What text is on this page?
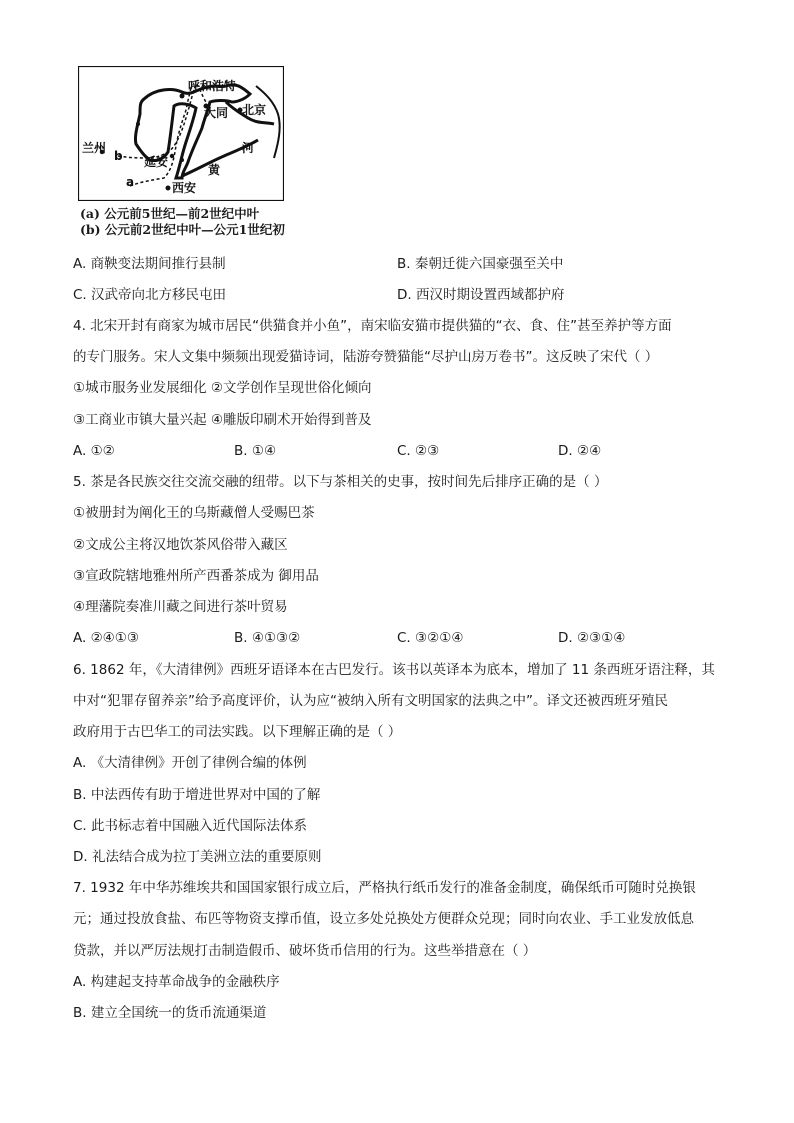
呼和浩特
大同 北京
兰州
b 延安
a	西安
黄
河
(a) 公元前5世纪—前2世纪中叶
(b) 公元前2世纪中叶—公元1世纪初
A. 商鞅变法期间推行县制	B. 秦朝迁徙六国豪强至关中
C. 汉武帝向北方移民屯田	D. 西汉时期设置西域都护府
4. 北宋开封有商家为城市居民“供猫食并小鱼”，南宋临安猫市提供猫的“衣、食、住”甚至养护等方面
的专门服务。宋人文集中频频出现爱猫诗词，陆游夸赞猫能“尽护山房万卷书”。这反映了宋代（ ）
①城市服务业发展细化 ②文学创作呈现世俗化倾向
③工商业市镇大量兴起 ④雕版印刷术开始得到普及
A. ①②	B. ①④	C. ②③	D. ②④
5. 茶是各民族交往交流交融的纽带。以下与茶相关的史事，按时间先后排序正确的是（ ）
①被册封为阐化王的乌斯藏僧人受赐巴茶
②文成公主将汉地饮茶风俗带入藏区
③宣政院辖地雅州所产西番茶成为 御用品
④理藩院奏准川藏之间进行茶叶贸易
A. ②④①③	B. ④①③②	C. ③②①④	D. ②③①④
6. 1862 年，《大清律例》西班牙语译本在古巴发行。该书以英译本为底本，增加了 11 条西班牙语注释，其
中对“犯罪存留养亲”给予高度评价，认为应“被纳入所有文明国家的法典之中”。译文还被西班牙殖民
政府用于古巴华工的司法实践。以下理解正确的是（ ）
A. 《大清律例》开创了律例合编的体例
B. 中法西传有助于增进世界对中国的了解
C. 此书标志着中国融入近代国际法体系
D. 礼法结合成为拉丁美洲立法的重要原则
7. 1932 年中华苏维埃共和国国家银行成立后，严格执行纸币发行的准备金制度，确保纸币可随时兑换银
元；通过投放食盐、布匹等物资支撑币值，设立多处兑换处方便群众兑现；同时向农业、手工业发放低息
贷款，并以严厉法规打击制造假币、破坏货币信用的行为。这些举措意在（ ）
A. 构建起支持革命战争的金融秩序
B. 建立全国统一的货币流通渠道
